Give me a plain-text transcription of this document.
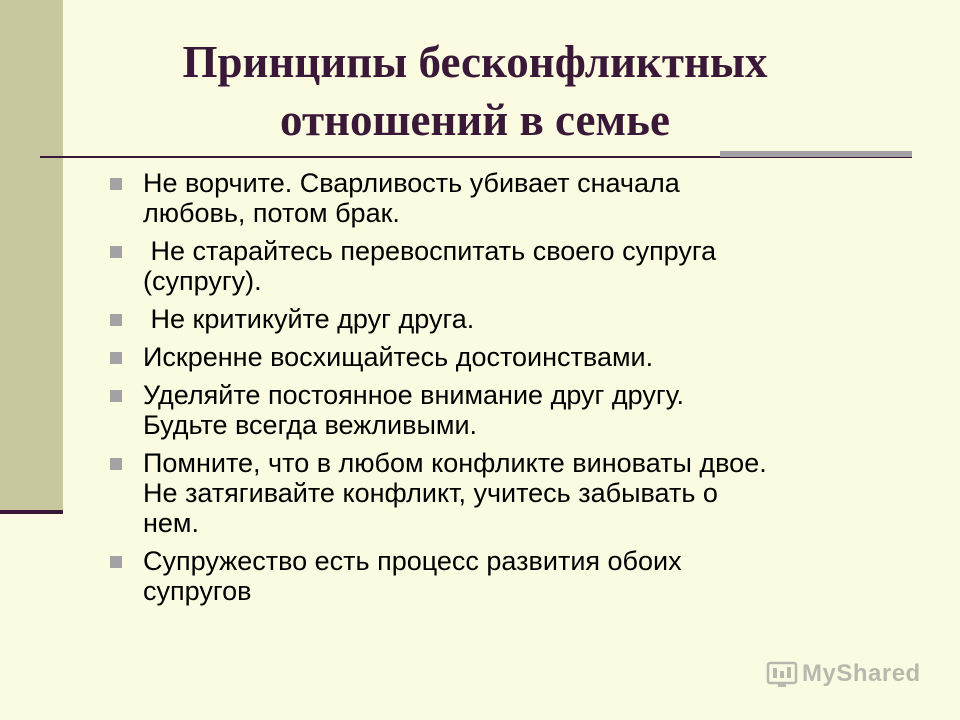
Принципы бесконфликтных
отношений в семье
Не ворчите. Сварливость убивает сначала
любовь, потом брак.
Не старайтесь перевоспитать своего супруга
(супругу).
Не критикуйте друг друга.
Искренне восхищайтесь достоинствами.
Уделяйте постоянное внимание друг другу.
Будьте всегда вежливыми.
Помните, что в любом конфликте виноваты двое.
Не затягивайте конфликт, учитесь забывать о
нем.
Супружество есть процесс развития обоих
супругов
MyShared
